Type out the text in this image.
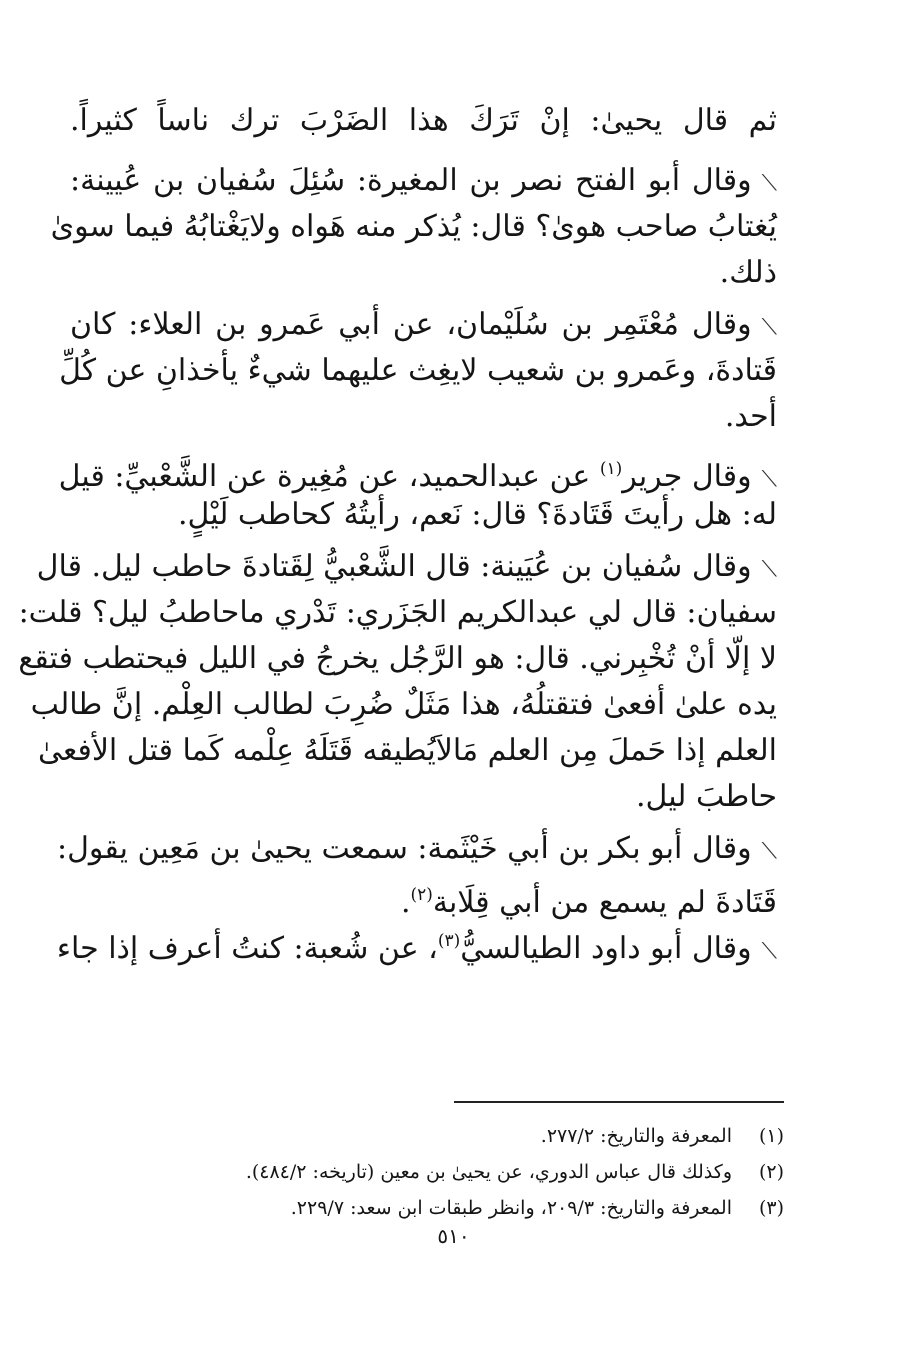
ثم قال يحيىٰ: إنْ تَرَكَ هذا الضَرْبَ ترك ناساً كثيراً.
⟋وقال أبو الفتح نصر بن المغيرة: سُئِلَ سُفيان بن عُيينة:
يُغتابُ صاحب هوىٰ؟ قال: يُذكر منه هَواه ولايَغْتابُهُ فيما سوىٰ
ذلك.
⟋وقال مُعْتَمِر بن سُلَيْمان، عن أبي عَمرو بن العلاء: كان
قَتادةَ، وعَمرو بن شعيب لايغِث عليهما شيءٌ يأخذانِ عن كُلِّ
أحد.
⟋وقال جرير$^{(١)}$ عن عبدالحميد، عن مُغِيرة عن الشَّعْبيِّ: قيل
له: هل رأيتَ قَتَادةَ؟ قال: نَعم، رأيتُهُ كحاطب لَيْلٍ.
⟋وقال سُفيان بن عُيَينة: قال الشَّعْبيُّ لِقَتادةَ حاطب ليل. قال
سفيان: قال لي عبدالكريم الجَزَري: تَدْري ماحاطبُ ليل؟ قلت:
لا إلّا أنْ تُخْبِرني. قال: هو الرَّجُل يخرجُ في الليل فيحتطب فتقع
يده علىٰ أفعىٰ فتقتلُهُ، هذا مَثَلٌ ضُرِبَ لطالب العِلْم. إنَّ طالب
العلم إذا حَملَ مِن العلم مَالاَيُطيقه قَتَلَهُ عِلْمه كَما قتل الأفعىٰ
حاطبَ ليل.
⟋وقال أبو بكر بن أبي خَيْثَمة: سمعت يحيىٰ بن مَعِين يقول:
قَتَادةَ لم يسمع من أبي قِلَابة$^{(٢)}$.
⟋وقال أبو داود الطيالسيُّ$^{(٣)}$، عن شُعبة: كنتُ أعرف إذا جاء
(١)المعرفة والتاريخ: ٢٧٧/٢.
(٢)وكذلك قال عباس الدوري، عن يحيىٰ بن معين (تاريخه: ٤٨٤/٢).
(٣)المعرفة والتاريخ: ٢٠٩/٣، وانظر طبقات ابن سعد: ٢٢٩/٧.
٥١٠
